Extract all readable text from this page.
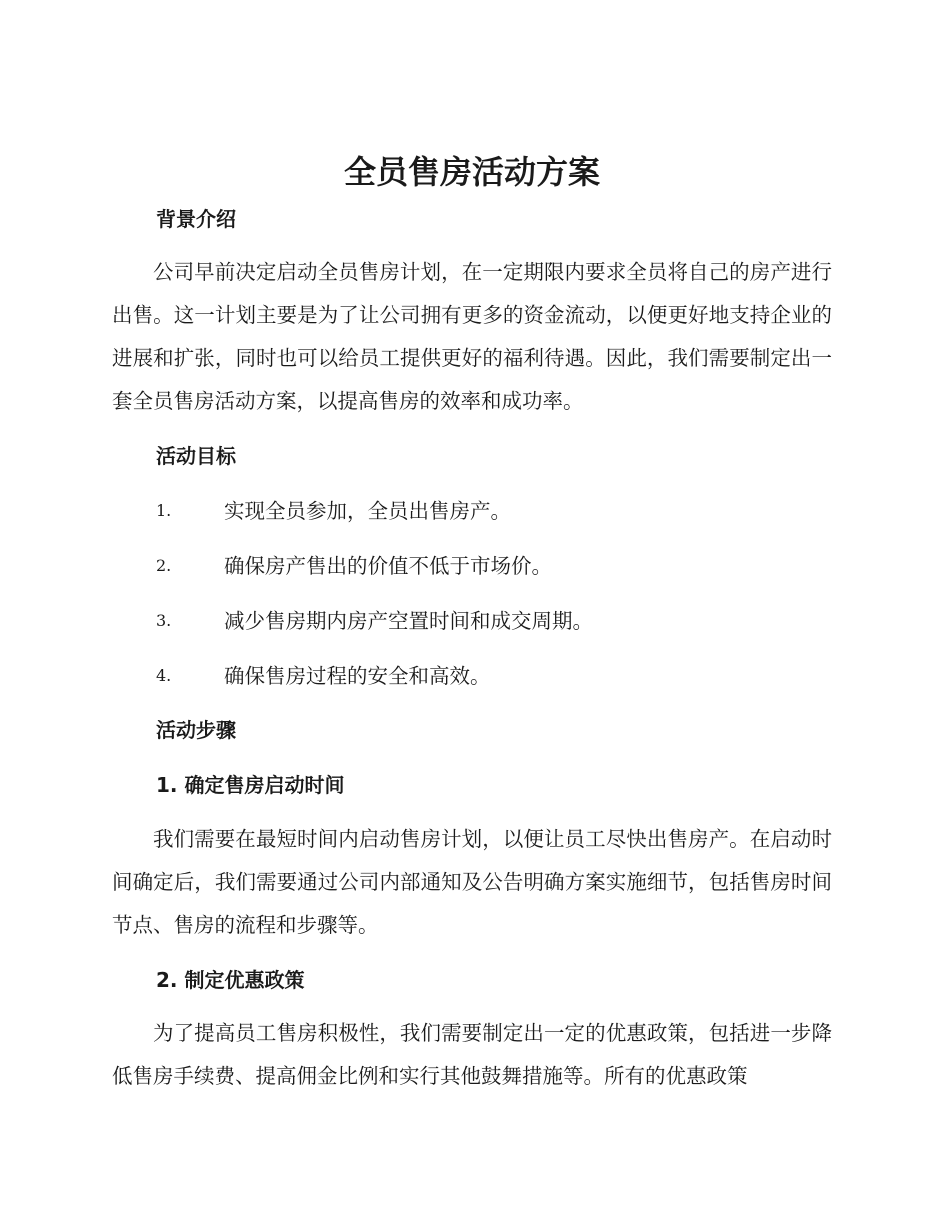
全员售房活动方案
背景介绍

公司早前决定启动全员售房计划，在一定期限内要求全员将自己的房产进行出售。这一计划主要是为了让公司拥有更多的资金流动，以便更好地支持企业的进展和扩张，同时也可以给员工提供更好的福利待遇。因此，我们需要制定出一套全员售房活动方案，以提高售房的效率和成功率。

活动目标
1.	实现全员参加，全员出售房产。
2.	确保房产售出的价值不低于市场价。
3.	减少售房期内房产空置时间和成交周期。
4.	确保售房过程的安全和高效。
活动步骤
1. 确定售房启动时间

我们需要在最短时间内启动售房计划，以便让员工尽快出售房产。在启动时间确定后，我们需要通过公司内部通知及公告明确方案实施细节，包括售房时间节点、售房的流程和步骤等。

2. 制定优惠政策

为了提高员工售房积极性，我们需要制定出一定的优惠政策，包括进一步降低售房手续费、提高佣金比例和实行其他鼓舞措施等。所有的优惠政策
